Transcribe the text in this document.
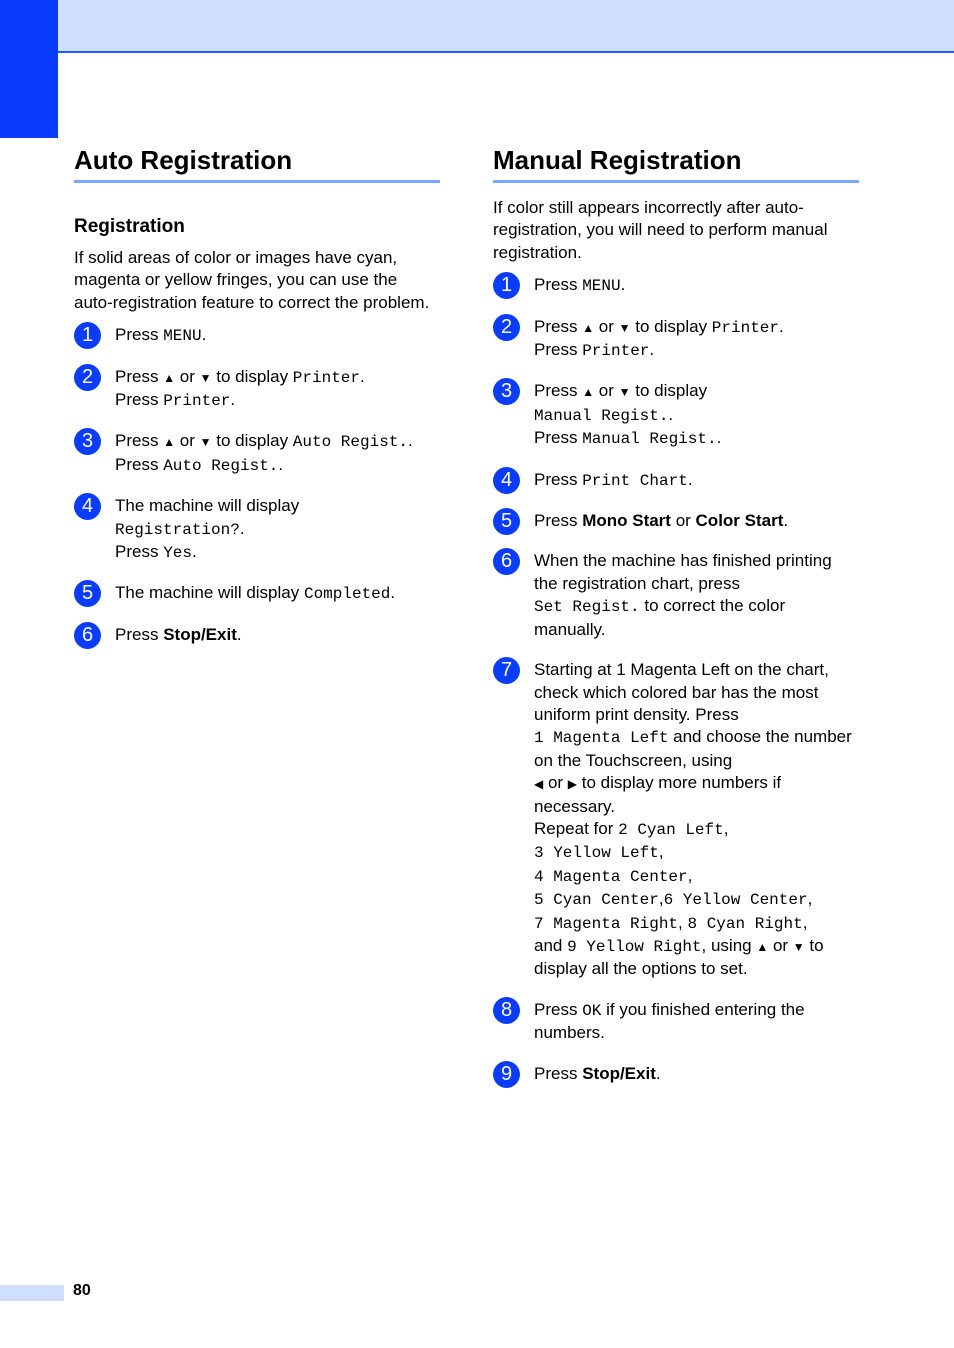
Auto Registration
Registration

If solid areas of color or images have cyan, magenta or yellow fringes, you can use the auto-registration feature to correct the problem.

1	Press MENU.
2	Press ▲ or ▼ to display Printer.
Press Printer.
3	Press ▲ or ▼ to display Auto Regist..
Press Auto Regist..
4	The machine will display
Registration?.
Press Yes.
5	The machine will display Completed.
6	Press Stop/Exit.
Manual Registration

If color still appears incorrectly after auto-registration, you will need to perform manual registration.

1	Press MENU.
2	Press ▲ or ▼ to display Printer.
Press Printer.
3	Press ▲ or ▼ to display
Manual Regist..
Press Manual Regist..
4	Press Print Chart.
5	Press Mono Start or Color Start.
6	When the machine has finished printing the registration chart, press
Set Regist. to correct the color manually.
7	Starting at 1 Magenta Left on the chart, check which colored bar has the most uniform print density. Press
1 Magenta Left and choose the number on the Touchscreen, using
◀ or ▶ to display more numbers if necessary.
Repeat for 2 Cyan Left,
3 Yellow Left,
4 Magenta Center,
5 Cyan Center,6 Yellow Center,
7 Magenta Right, 8 Cyan Right,
and 9 Yellow Right, using ▲ or ▼ to display all the options to set.
8	Press OK if you finished entering the numbers.
9	Press Stop/Exit.
80
